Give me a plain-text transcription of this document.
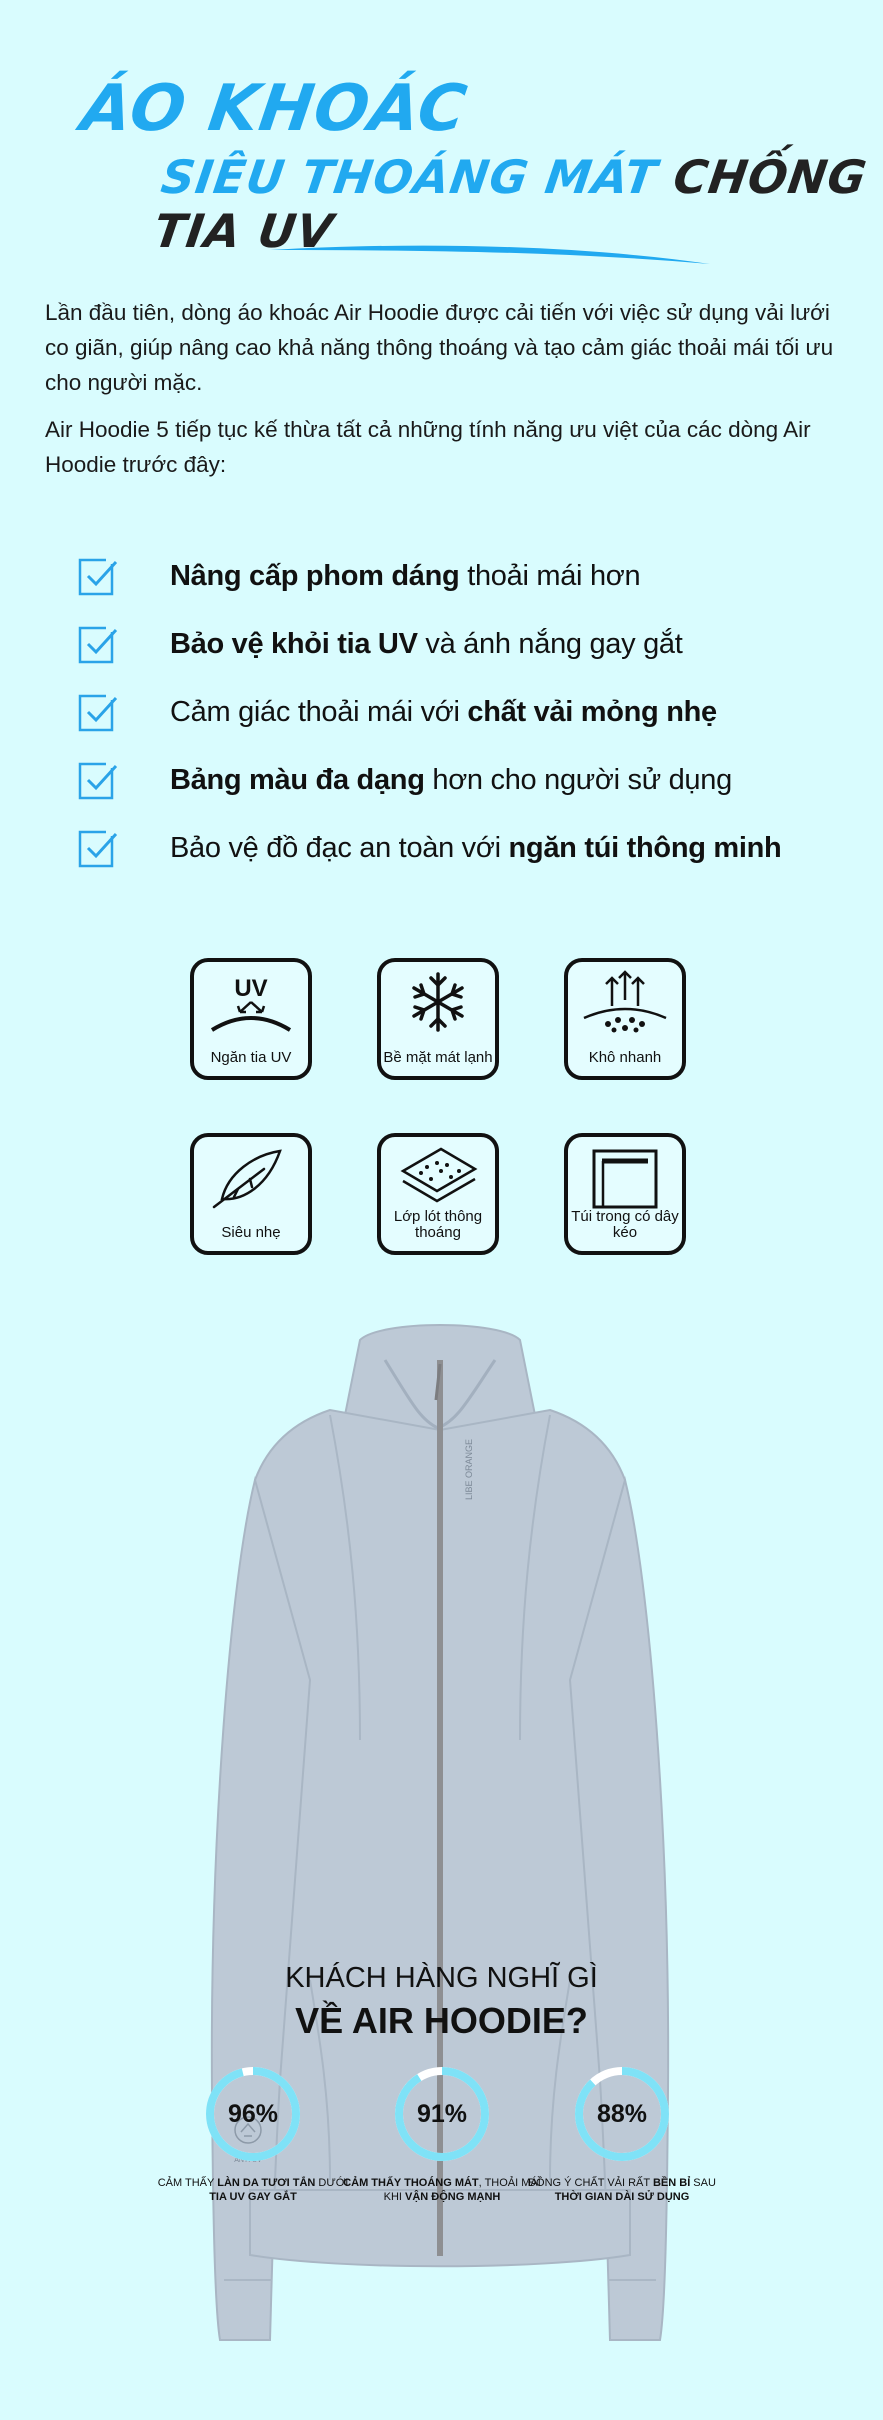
ÁO KHOÁC
SIÊU THOÁNG MÁT CHỐNG TIA UV

Lần đầu tiên, dòng áo khoác Air Hoodie được cải tiến với việc sử dụng vải lưới co giãn, giúp nâng cao khả năng thông thoáng và tạo cảm giác thoải mái tối ưu cho người mặc.

Air Hoodie 5 tiếp tục kế thừa tất cả những tính năng ưu việt của các dòng Air Hoodie trước đây:

Nâng cấp phom dáng thoải mái hơn
Bảo vệ khỏi tia UV và ánh nắng gay gắt
Cảm giác thoải mái với chất vải mỏng nhẹ
Bảng màu đa dạng hơn cho người sử dụng
Bảo vệ đồ đạc an toàn với ngăn túi thông minh
UV
Ngăn tia UV	Bề mặt mát lạnh	Khô nhanh
Siêu nhẹ
Lớp lót thông thoáng
Túi trong có dây kéo
LIBE ORANGE
ANTI UV
KHÁCH HÀNG NGHĨ GÌ
VỀ AIR HOODIE?
96%
CẢM THẤY LÀN DA TƯƠI TẮN DƯỚI TIA UV GAY GẮT
91%
CẢM THẤY THOÁNG MÁT, THOẢI MÁI KHI VẬN ĐỘNG MẠNH
88%
ĐỒNG Ý CHẤT VẢI RẤT BỀN BỈ SAU THỜI GIAN DÀI SỬ DỤNG
